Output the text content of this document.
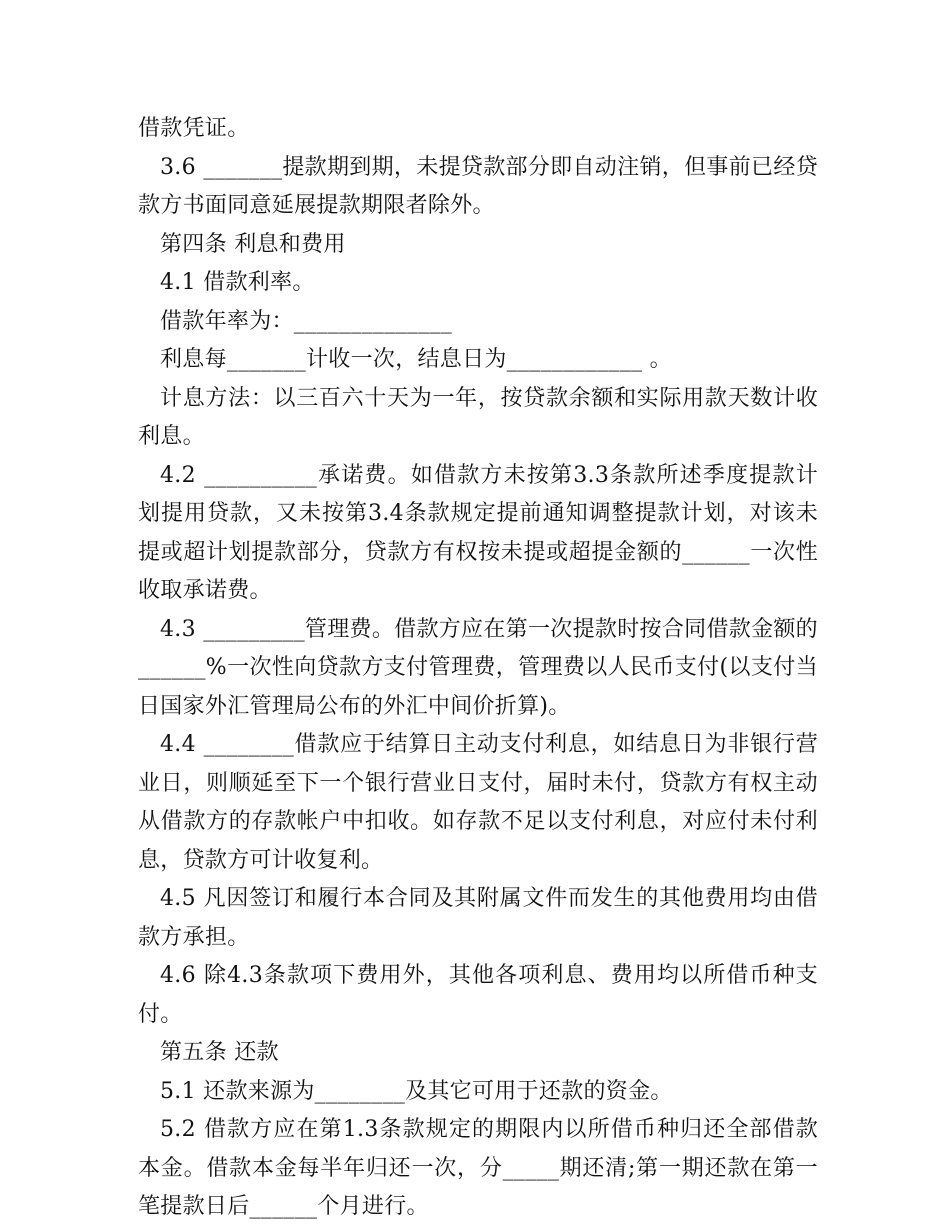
借款凭证。

3.6 _______提款期到期，未提贷款部分即自动注销，但事前已经贷款方书面同意延展提款期限者除外。

第四条 利息和费用

4.1 借款利率。

借款年率为：______________

利息每_______计收一次，结息日为____________ 。

计息方法：以三百六十天为一年，按贷款余额和实际用款天数计收利息。

4.2 __________承诺费。如借款方未按第3.3条款所述季度提款计划提用贷款，又未按第3.4条款规定提前通知调整提款计划，对该未提或超计划提款部分，贷款方有权按未提或超提金额的______一次性收取承诺费。

4.3 _________管理费。借款方应在第一次提款时按合同借款金额的______%一次性向贷款方支付管理费，管理费以人民币支付(以支付当日国家外汇管理局公布的外汇中间价折算)。

4.4 ________借款应于结算日主动支付利息，如结息日为非银行营业日，则顺延至下一个银行营业日支付，届时未付，贷款方有权主动从借款方的存款帐户中扣收。如存款不足以支付利息，对应付未付利息，贷款方可计收复利。

4.5 凡因签订和履行本合同及其附属文件而发生的其他费用均由借款方承担。

4.6 除4.3条款项下费用外，其他各项利息、费用均以所借币种支付。

第五条 还款

5.1 还款来源为________及其它可用于还款的资金。

5.2 借款方应在第1.3条款规定的期限内以所借币种归还全部借款本金。借款本金每半年归还一次，分_____期还清;第一期还款在第一笔提款日后______个月进行。
